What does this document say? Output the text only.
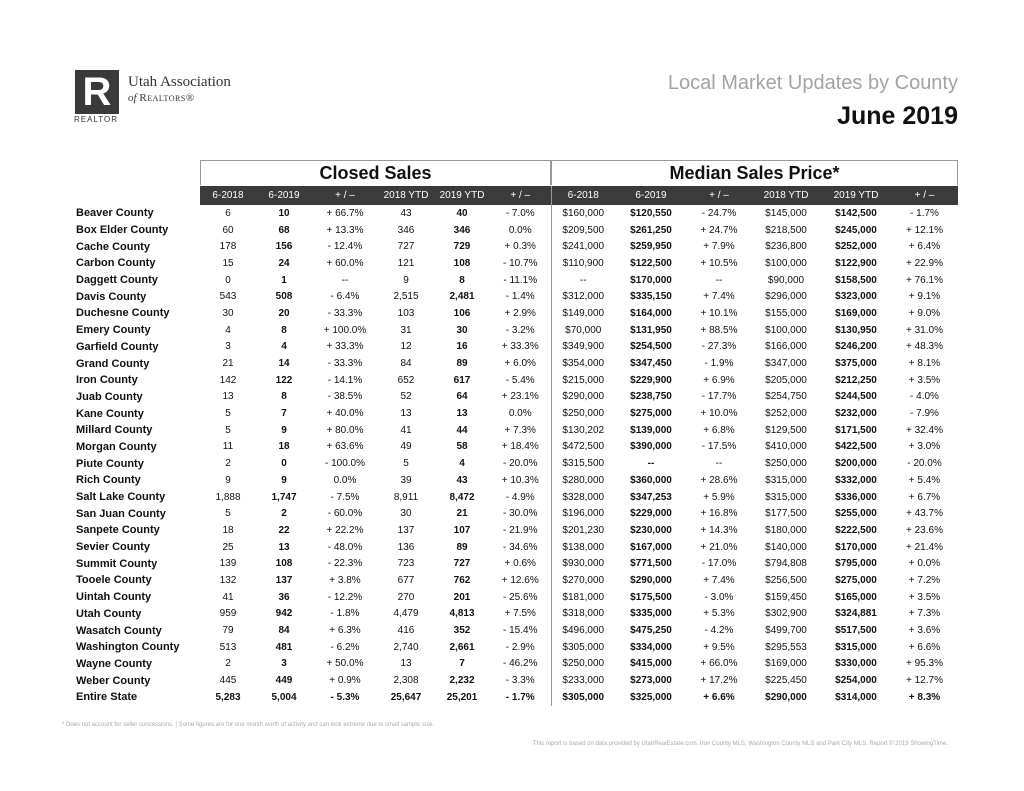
R
REALTOR
Utah Association
of Realtors®
Local Market Updates by County
June 2019
Closed Sales	Median Sales Price*
	6-2018	6-2019	+ / –	2018 YTD	2019 YTD	+ / –	6-2018	6-2019	+ / –	2018 YTD	2019 YTD	+ / –
Beaver County	6	10	+ 66.7%	43	40	- 7.0%	$160,000	$120,550	- 24.7%	$145,000	$142,500	- 1.7%
Box Elder County	60	68	+ 13.3%	346	346	0.0%	$209,500	$261,250	+ 24.7%	$218,500	$245,000	+ 12.1%
Cache County	178	156	- 12.4%	727	729	+ 0.3%	$241,000	$259,950	+ 7.9%	$236,800	$252,000	+ 6.4%
Carbon County	15	24	+ 60.0%	121	108	- 10.7%	$110,900	$122,500	+ 10.5%	$100,000	$122,900	+ 22.9%
Daggett County	0	1	--	9	8	- 11.1%	--	$170,000	--	$90,000	$158,500	+ 76.1%
Davis County	543	508	- 6.4%	2,515	2,481	- 1.4%	$312,000	$335,150	+ 7.4%	$296,000	$323,000	+ 9.1%
Duchesne County	30	20	- 33.3%	103	106	+ 2.9%	$149,000	$164,000	+ 10.1%	$155,000	$169,000	+ 9.0%
Emery County	4	8	+ 100.0%	31	30	- 3.2%	$70,000	$131,950	+ 88.5%	$100,000	$130,950	+ 31.0%
Garfield County	3	4	+ 33.3%	12	16	+ 33.3%	$349,900	$254,500	- 27.3%	$166,000	$246,200	+ 48.3%
Grand County	21	14	- 33.3%	84	89	+ 6.0%	$354,000	$347,450	- 1.9%	$347,000	$375,000	+ 8.1%
Iron County	142	122	- 14.1%	652	617	- 5.4%	$215,000	$229,900	+ 6.9%	$205,000	$212,250	+ 3.5%
Juab County	13	8	- 38.5%	52	64	+ 23.1%	$290,000	$238,750	- 17.7%	$254,750	$244,500	- 4.0%
Kane County	5	7	+ 40.0%	13	13	0.0%	$250,000	$275,000	+ 10.0%	$252,000	$232,000	- 7.9%
Millard County	5	9	+ 80.0%	41	44	+ 7.3%	$130,202	$139,000	+ 6.8%	$129,500	$171,500	+ 32.4%
Morgan County	11	18	+ 63.6%	49	58	+ 18.4%	$472,500	$390,000	- 17.5%	$410,000	$422,500	+ 3.0%
Piute County	2	0	- 100.0%	5	4	- 20.0%	$315,500	--	--	$250,000	$200,000	- 20.0%
Rich County	9	9	0.0%	39	43	+ 10.3%	$280,000	$360,000	+ 28.6%	$315,000	$332,000	+ 5.4%
Salt Lake County	1,888	1,747	- 7.5%	8,911	8,472	- 4.9%	$328,000	$347,253	+ 5.9%	$315,000	$336,000	+ 6.7%
San Juan County	5	2	- 60.0%	30	21	- 30.0%	$196,000	$229,000	+ 16.8%	$177,500	$255,000	+ 43.7%
Sanpete County	18	22	+ 22.2%	137	107	- 21.9%	$201,230	$230,000	+ 14.3%	$180,000	$222,500	+ 23.6%
Sevier County	25	13	- 48.0%	136	89	- 34.6%	$138,000	$167,000	+ 21.0%	$140,000	$170,000	+ 21.4%
Summit County	139	108	- 22.3%	723	727	+ 0.6%	$930,000	$771,500	- 17.0%	$794,808	$795,000	+ 0.0%
Tooele County	132	137	+ 3.8%	677	762	+ 12.6%	$270,000	$290,000	+ 7.4%	$256,500	$275,000	+ 7.2%
Uintah County	41	36	- 12.2%	270	201	- 25.6%	$181,000	$175,500	- 3.0%	$159,450	$165,000	+ 3.5%
Utah County	959	942	- 1.8%	4,479	4,813	+ 7.5%	$318,000	$335,000	+ 5.3%	$302,900	$324,881	+ 7.3%
Wasatch County	79	84	+ 6.3%	416	352	- 15.4%	$496,000	$475,250	- 4.2%	$499,700	$517,500	+ 3.6%
Washington County	513	481	- 6.2%	2,740	2,661	- 2.9%	$305,000	$334,000	+ 9.5%	$295,553	$315,000	+ 6.6%
Wayne County	2	3	+ 50.0%	13	7	- 46.2%	$250,000	$415,000	+ 66.0%	$169,000	$330,000	+ 95.3%
Weber County	445	449	+ 0.9%	2,308	2,232	- 3.3%	$233,000	$273,000	+ 17.2%	$225,450	$254,000	+ 12.7%
Entire State	5,283	5,004	- 5.3%	25,647	25,201	- 1.7%	$305,000	$325,000	+ 6.6%	$290,000	$314,000	+ 8.3%
* Does not account for seller concessions. | Some figures are for one month worth of activity and can look extreme due to small sample size.
This report is based on data provided by UtahRealEstate.com, Iron County MLS, Washington County MLS and Park City MLS. Report © 2019 ShowingTime.
